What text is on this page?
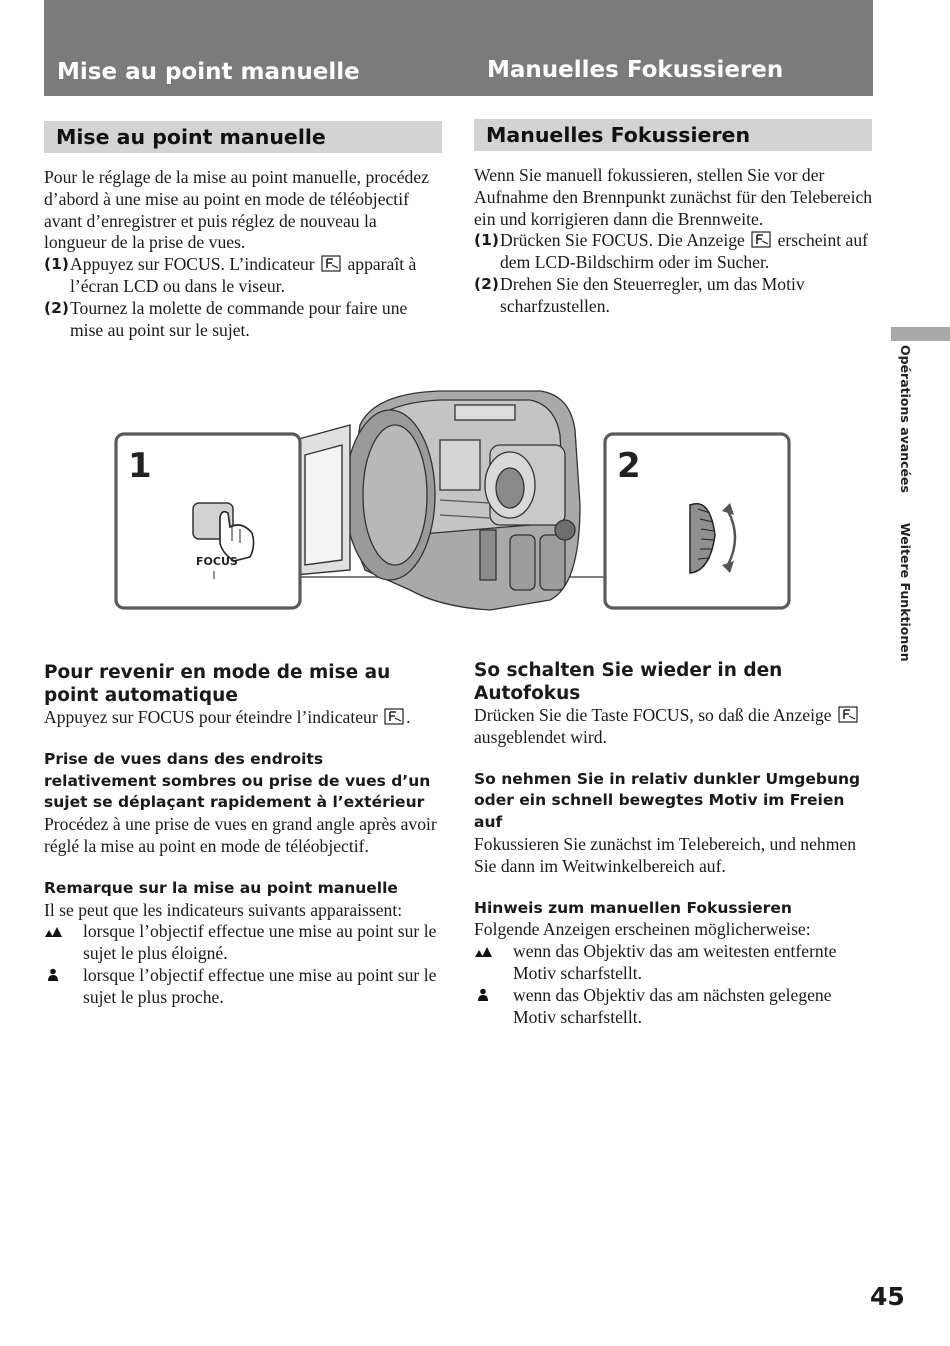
Mise au point manuelle	Manuelles Fokussieren
Mise au point manuelle	Manuelles Fokussieren

Pour le réglage de la mise au point manuelle, procédez d’abord à une mise au point en mode de téléobjectif avant d’enregistrer et puis réglez de nouveau la longueur de la prise de vues.

(1) Appuyez sur FOCUS. L’indicateur apparaît à l’écran LCD ou dans le viseur.
(2) Tournez la molette de commande pour faire une mise au point sur le sujet.

Wenn Sie manuell fokussieren, stellen Sie vor der Aufnahme den Brennpunkt zunächst für den Telebereich ein und korrigieren dann die Brennweite.

(1) Drücken Sie FOCUS. Die Anzeige erscheint auf dem LCD-Bildschirm oder im Sucher.
(2) Drehen Sie den Steuerregler, um das Motiv scharfzustellen.
1
FOCUS
2

Pour revenir en mode de mise au point automatique

Appuyez sur FOCUS pour éteindre l’indicateur .

Prise de vues dans des endroits relativement sombres ou prise de vues d’un sujet se déplaçant rapidement à l’extérieur

Procédez à une prise de vues en grand angle après avoir réglé la mise au point en mode de téléobjectif.

Remarque sur la mise au point manuelle

Il se peut que les indicateurs suivants apparaissent:

lorsque l’objectif effectue une mise au point sur le sujet le plus éloigné.
lorsque l’objectif effectue une mise au point sur le sujet le plus proche.

So schalten Sie wieder in den Autofokus

Drücken Sie die Taste FOCUS, so daß die Anzeige  ausgeblendet wird.

So nehmen Sie in relativ dunkler Umgebung oder ein schnell bewegtes Motiv im Freien auf

Fokussieren Sie zunächst im Telebereich, und nehmen Sie dann im Weitwinkelbereich auf.

Hinweis zum manuellen Fokussieren

Folgende Anzeigen erscheinen möglicherweise:

wenn das Objektiv das am weitesten entfernte Motiv scharfstellt.
wenn das Objektiv das am nächsten gelegene Motiv scharfstellt.
Opérations avancéesWeitere Funktionen
45
